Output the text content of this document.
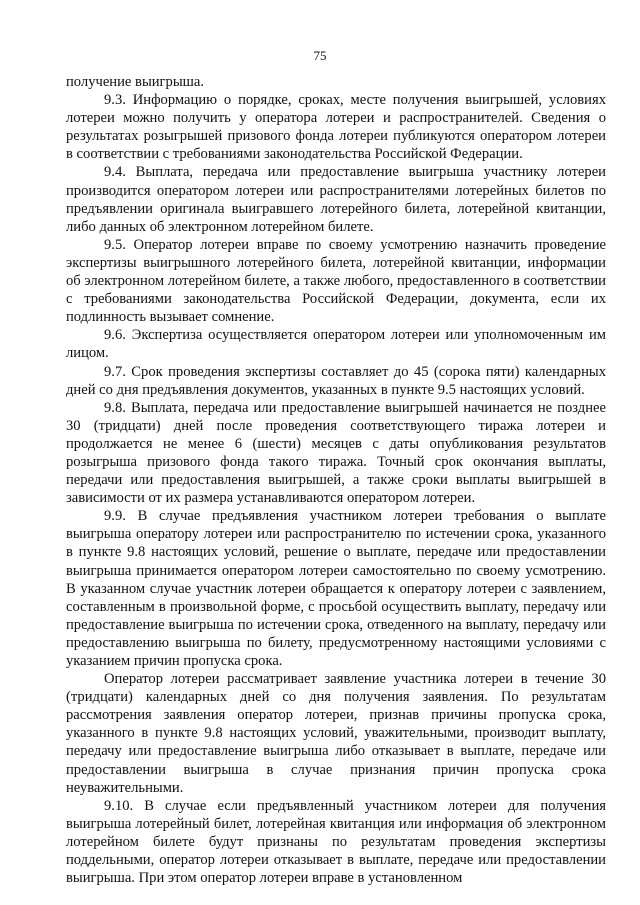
75

получение выигрыша.

9.3. Информацию о порядке, сроках, месте получения выигрышей, условиях лотереи можно получить у оператора лотереи и распространителей. Сведения о результатах розыгрышей призового фонда лотереи публикуются оператором лотереи в соответствии с требованиями законодательства Российской Федерации.

9.4. Выплата, передача или предоставление выигрыша участнику лотереи производится оператором лотереи или распространителями лотерейных билетов по предъявлении оригинала выигравшего лотерейного билета, лотерейной квитанции, либо данных об электронном лотерейном билете.

9.5. Оператор лотереи вправе по своему усмотрению назначить проведение экспертизы выигрышного лотерейного билета, лотерейной квитанции, информации об электронном лотерейном билете, а также любого, предоставленного в соответствии с требованиями законодательства Российской Федерации, документа, если их подлинность вызывает сомнение.

9.6. Экспертиза осуществляется оператором лотереи или уполномоченным им лицом.

9.7. Срок проведения экспертизы составляет до 45 (сорока пяти) календарных дней со дня предъявления документов, указанных в пункте 9.5 настоящих условий.

9.8. Выплата, передача или предоставление выигрышей начинается не позднее 30 (тридцати) дней после проведения соответствующего тиража лотереи и продолжается не менее 6 (шести) месяцев с даты опубликования результатов розыгрыша призового фонда такого тиража. Точный срок окончания выплаты, передачи или предоставления выигрышей, а также сроки выплаты выигрышей в зависимости от их размера устанавливаются оператором лотереи.

9.9. В случае предъявления участником лотереи требования о выплате выигрыша оператору лотереи или распространителю по истечении срока, указанного в пункте 9.8 настоящих условий, решение о выплате, передаче или предоставлении выигрыша принимается оператором лотереи самостоятельно по своему усмотрению. В указанном случае участник лотереи обращается к оператору лотереи с заявлением, составленным в произвольной форме, с просьбой осуществить выплату, передачу или предоставление выигрыша по истечении срока, отведенного на выплату, передачу или предоставлению выигрыша по билету, предусмотренному настоящими условиями с указанием причин пропуска срока.

Оператор лотереи рассматривает заявление участника лотереи в течение 30 (тридцати) календарных дней со дня получения заявления. По результатам рассмотрения заявления оператор лотереи, признав причины пропуска срока, указанного в пункте 9.8 настоящих условий, уважительными, производит выплату, передачу или предоставление выигрыша либо отказывает в выплате, передаче или предоставлении выигрыша в случае признания причин пропуска срока неуважительными.

9.10. В случае если предъявленный участником лотереи для получения выигрыша лотерейный билет, лотерейная квитанция или информация об электронном лотерейном билете будут признаны по результатам проведения экспертизы поддельными, оператор лотереи отказывает в выплате, передаче или предоставлении выигрыша. При этом оператор лотереи вправе в установленном
